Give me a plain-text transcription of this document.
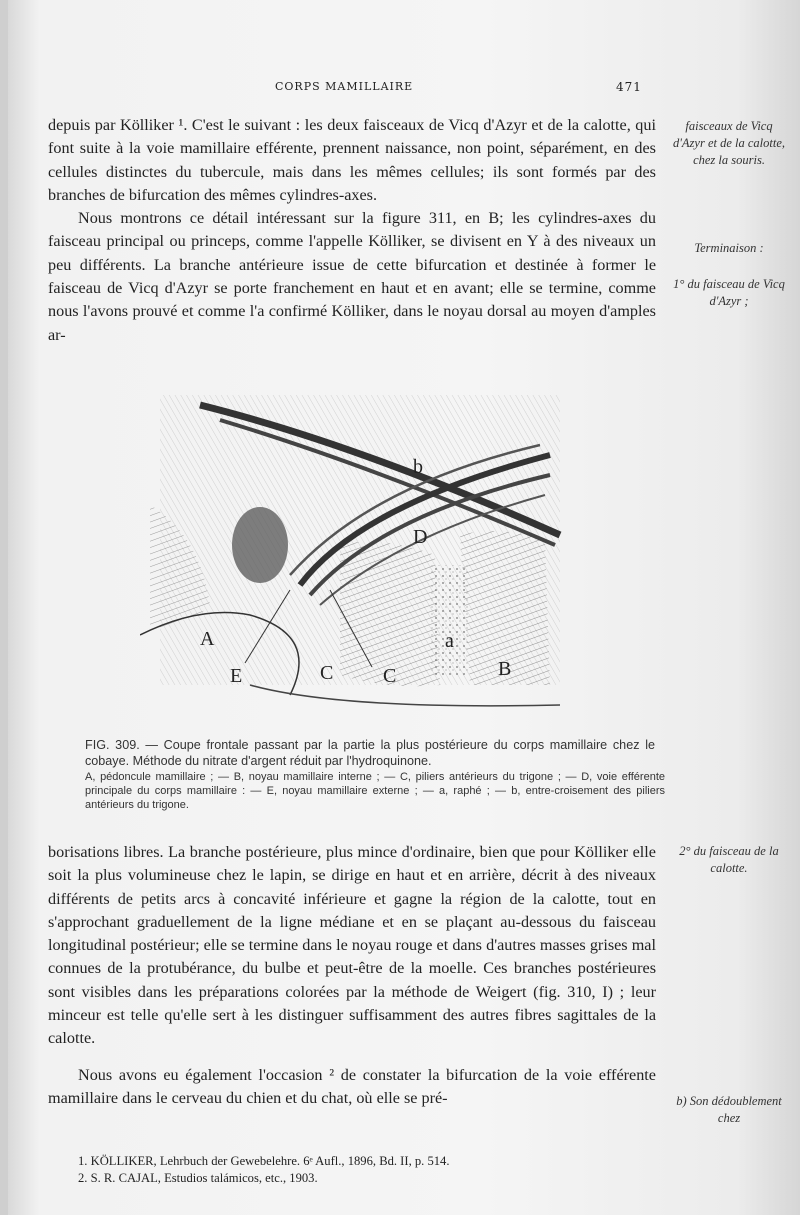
CORPS MAMILLAIRE	471

depuis par Kölliker ¹. C'est le suivant : les deux faisceaux de Vicq d'Azyr et de la calotte, qui font suite à la voie mamillaire efférente, prennent naissance, non point, séparément, en des cellules distinctes du tubercule, mais dans les mêmes cellules; ils sont formés par des branches de bifurcation des mêmes cylindres-axes.

Nous montrons ce détail intéressant sur la figure 311, en B; les cylindres-axes du faisceau principal ou princeps, comme l'appelle Kölliker, se divisent en Y à des niveaux un peu différents. La branche antérieure issue de cette bifurcation et destinée à former le faisceau de Vicq d'Azyr se porte franchement en haut et en avant; elle se termine, comme nous l'avons prouvé et comme l'a confirmé Kölliker, dans le noyau dorsal au moyen d'amples ar-

faisceaux de Vicq d'Azyr et de la calotte, chez la souris.
Terminaison :
1° du faisceau de Vicq d'Azyr ;
b
D
a
A
E	C C	B
FIG. 309. — Coupe frontale passant par la partie la plus postérieure du corps mamillaire chez le cobaye. Méthode du nitrate d'argent réduit par l'hydroquinone.
A, pédoncule mamillaire ; — B, noyau mamillaire interne ; — C, piliers antérieurs du trigone ; — D, voie efférente principale du corps mamillaire : — E, noyau mamillaire externe ; — a, raphé ; — b, entre-croisement des piliers antérieurs du trigone.

borisations libres. La branche postérieure, plus mince d'ordinaire, bien que pour Kölliker elle soit la plus volumineuse chez le lapin, se dirige en haut et en arrière, décrit à des niveaux différents de petits arcs à concavité inférieure et gagne la région de la calotte, tout en s'approchant graduellement de la ligne médiane et en se plaçant au-dessous du faisceau longitudinal postérieur; elle se termine dans le noyau rouge et dans d'autres masses grises mal connues de la protubérance, du bulbe et peut-être de la moelle. Ces branches postérieures sont visibles dans les préparations colorées par la méthode de Weigert (fig. 310, I) ; leur minceur est telle qu'elle sert à les distinguer suffisamment des autres fibres sagittales de la calotte.

Nous avons eu également l'occasion ² de constater la bifurcation de la voie efférente mamillaire dans le cerveau du chien et du chat, où elle se pré-

2° du faisceau de la calotte.
b) Son dédoublement chez
1. KÖLLIKER, Lehrbuch der Gewebelehre. 6ᵉ Aufl., 1896, Bd. II, p. 514.
2. S. R. CAJAL, Estudios talámicos, etc., 1903.
